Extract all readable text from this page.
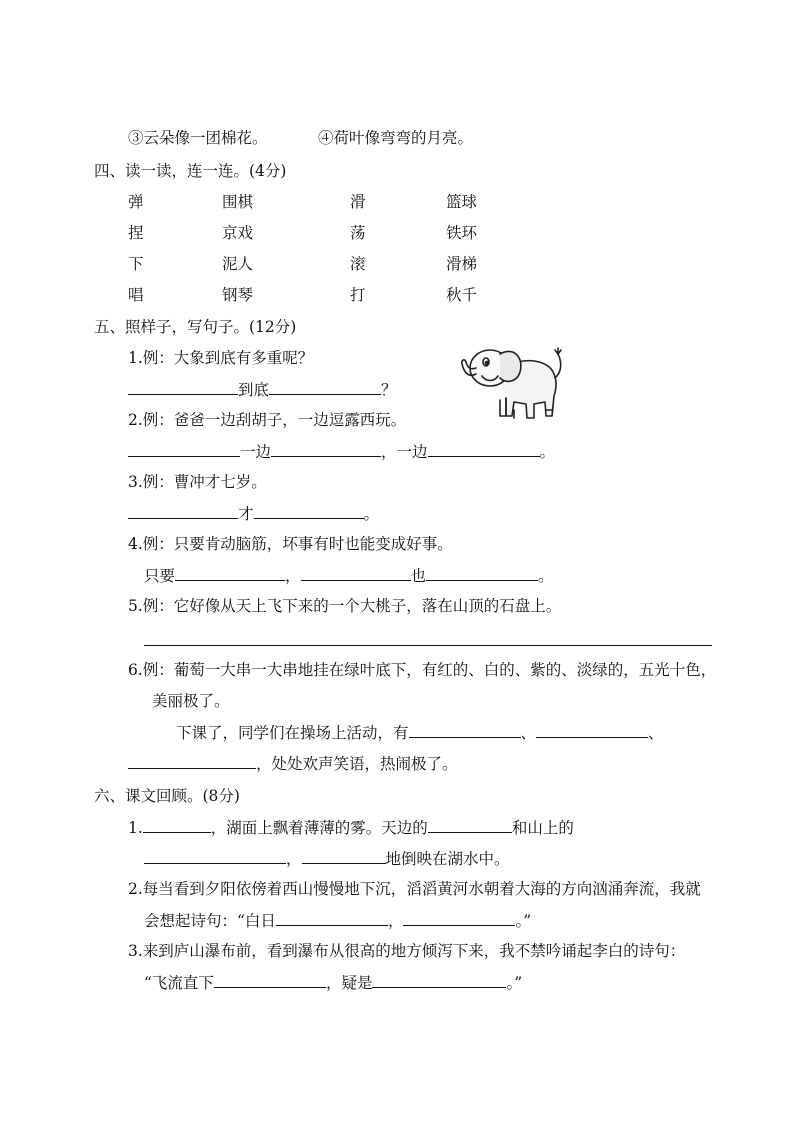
③云朵像一团棉花。	④荷叶像弯弯的月亮。
四、读一读，连一连。(4分)
弹	围棋	滑	篮球
捏	京戏	荡	铁环
下	泥人	滚	滑梯
唱	钢琴	打	秋千
五、照样子，写句子。(12分)
1.例：大象到底有多重呢？
到底	？
2.例：爸爸一边刮胡子，一边逗露西玩。
一边	，一边	。
3.例：曹冲才七岁。
才	。
4.例：只要肯动脑筋，坏事有时也能变成好事。
只要	，	也	。
5.例：它好像从天上飞下来的一个大桃子，落在山顶的石盘上。
6.例：葡萄一大串一大串地挂在绿叶底下，有红的、白的、紫的、淡绿的，五光十色，
美丽极了。
下课了，同学们在操场上活动，有	、	、
，处处欢声笑语，热闹极了。
六、课文回顾。(8分)
1.	，湖面上飘着薄薄的雾。天边的	和山上的
，	地倒映在湖水中。
2.每当看到夕阳依傍着西山慢慢地下沉，滔滔黄河水朝着大海的方向汹涌奔流，我就
会想起诗句：“白日	，	。”
3.来到庐山瀑布前，看到瀑布从很高的地方倾泻下来，我不禁吟诵起李白的诗句：
“飞流直下	，疑是	。”
